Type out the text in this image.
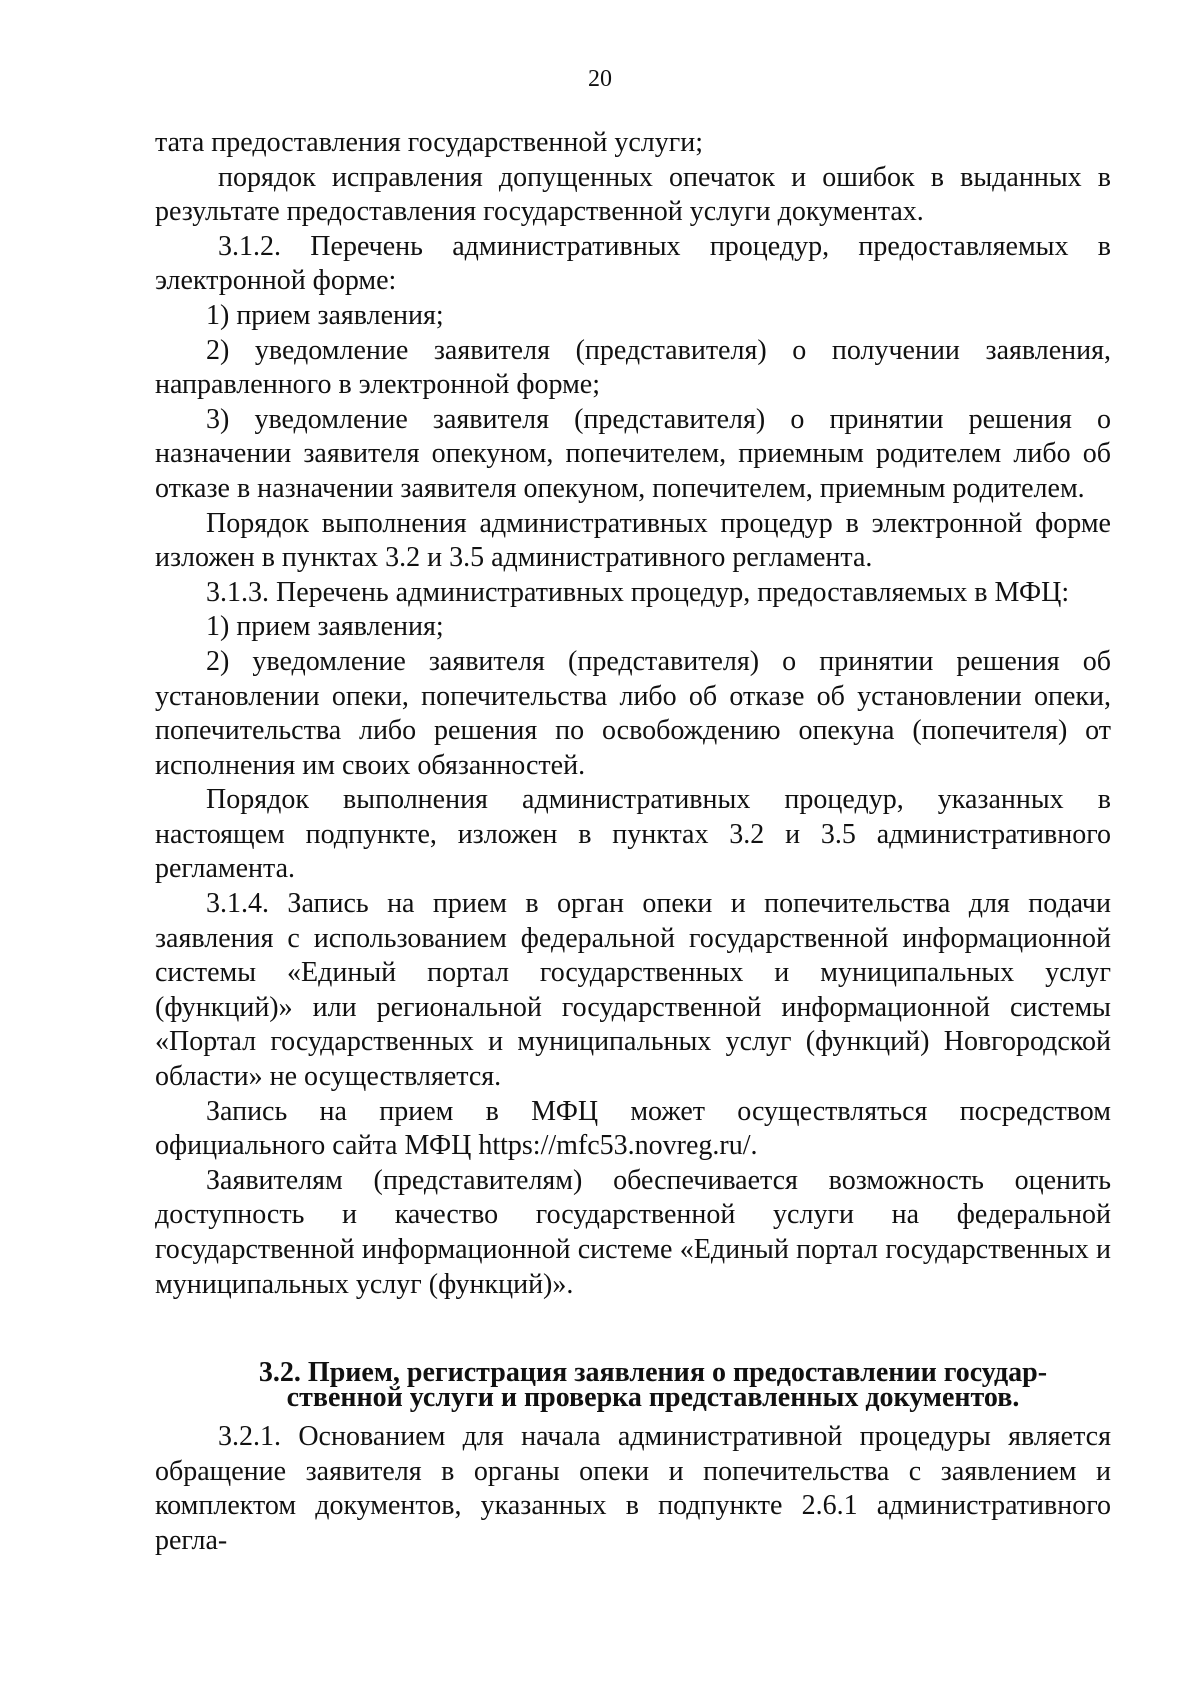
20

тата предоставления государственной услуги;

порядок исправления допущенных опечаток и ошибок в выданных в результате предоставления государственной услуги документах.

3.1.2. Перечень административных процедур, предоставляемых в электронной форме:

1) прием заявления;

2) уведомление заявителя (представителя) о получении заявления, направленного в электронной форме;

3) уведомление заявителя (представителя) о принятии решения о назначении заявителя опекуном, попечителем, приемным родителем либо об отказе в назначении заявителя опекуном, попечителем, приемным родителем.

Порядок выполнения административных процедур в электронной форме изложен в пунктах 3.2 и 3.5 административного регламента.

3.1.3. Перечень административных процедур, предоставляемых в МФЦ:

1) прием заявления;

2) уведомление заявителя (представителя) о принятии решения об установлении опеки, попечительства либо об отказе об установлении опеки, попечительства либо решения по освобождению опекуна (попечителя) от исполнения им своих обязанностей.

Порядок выполнения административных процедур, указанных в настоящем подпункте, изложен в пунктах 3.2 и 3.5 административного регламента.

3.1.4. Запись на прием в орган опеки и попечительства для подачи заявления с использованием федеральной государственной информационной системы «Единый портал государственных и муниципальных услуг (функций)» или региональной государственной информационной системы «Портал государственных и муниципальных услуг (функций) Новгородской области» не осуществляется.

Запись на прием в МФЦ может осуществляться посредством официального сайта МФЦ https://mfc53.novreg.ru/.

Заявителям (представителям) обеспечивается возможность оценить доступность и качество государственной услуги на федеральной государственной информационной системе «Единый портал государственных и муниципальных услуг (функций)».

3.2. Прием, регистрация заявления о предоставлении государ-
ственной услуги и проверка представленных документов.

3.2.1. Основанием для начала административной процедуры является обращение заявителя в органы опеки и попечительства с заявлением и комплектом документов, указанных в подпункте 2.6.1 административного регла-
